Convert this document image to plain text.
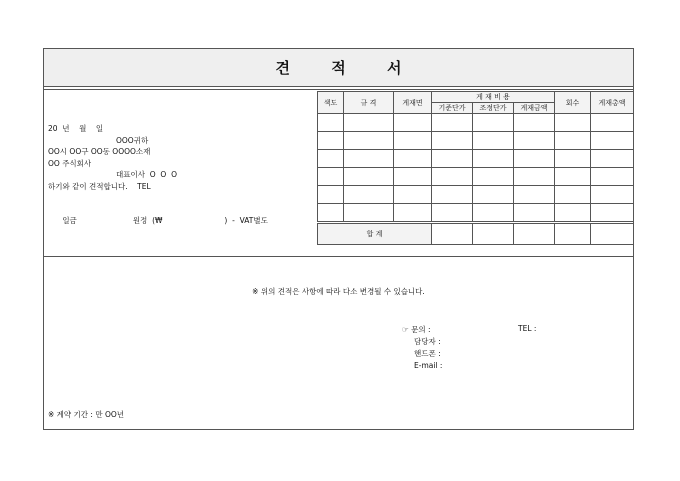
견 적 서
20  년    월    일
OOO귀하
OO시 OO구 OO동 OOOO소재
OO 주식회사
대표이사  O  O  O
하기와 같이 견적합니다.    TEL

일금	원정  (₩	)  -  VAT별도

색도	규 격	게재면	게 재 비 용			회수	게재총액
			기준단가	조정단가	게재금액		

합 계							
※ 위의 견적은 사항에 따라 다소 변경될 수 있습니다.
☞ 문의 :
담당자 :
핸드폰 :
E-mail :
TEL :
※ 계약 기간 : 만 OO년
